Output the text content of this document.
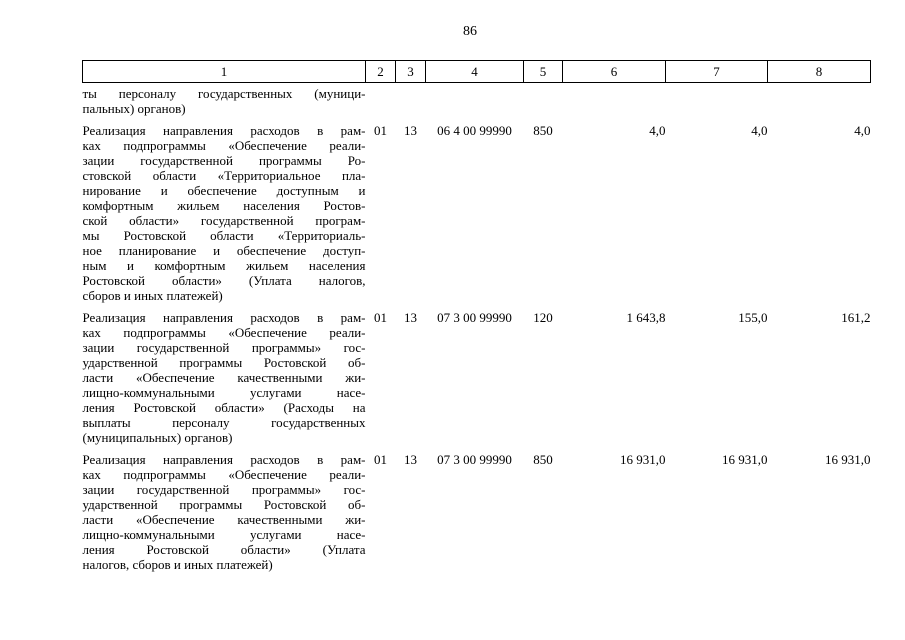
86
1	2	3	4	5	6	7	8

ты персоналу государственных (муници-
пальных) органов)							

Реализация направления расходов в рам-
ках подпрограммы «Обеспечение реали-
зации государственной программы Ро-
стовской области «Территориальное пла-
нирование и обеспечение доступным и
комфортным жильем населения Ростов-
ской области» государственной програм-
мы Ростовской области «Территориаль-
ное планирование и обеспечение доступ-
ным и комфортным жильем населения
Ростовской области» (Уплата налогов,
сборов и иных платежей)
	01	13	06 4 00 99990	850	4,0	4,0	4,0

Реализация направления расходов в рам-
ках подпрограммы «Обеспечение реали-
зации государственной программы» гос-
ударственной программы Ростовской об-
ласти «Обеспечение качественными жи-
лищно-коммунальными услугами насе-
ления Ростовской области» (Расходы на
выплаты персоналу государственных
(муниципальных) органов)
	01	13	07 3 00 99990	120	1 643,8	155,0	161,2

Реализация направления расходов в рам-
ках подпрограммы «Обеспечение реали-
зации государственной программы» гос-
ударственной программы Ростовской об-
ласти «Обеспечение качественными жи-
лищно-коммунальными услугами насе-
ления Ростовской области» (Уплата
налогов, сборов и иных платежей)
	01	13	07 3 00 99990	850	16 931,0	16 931,0	16 931,0
